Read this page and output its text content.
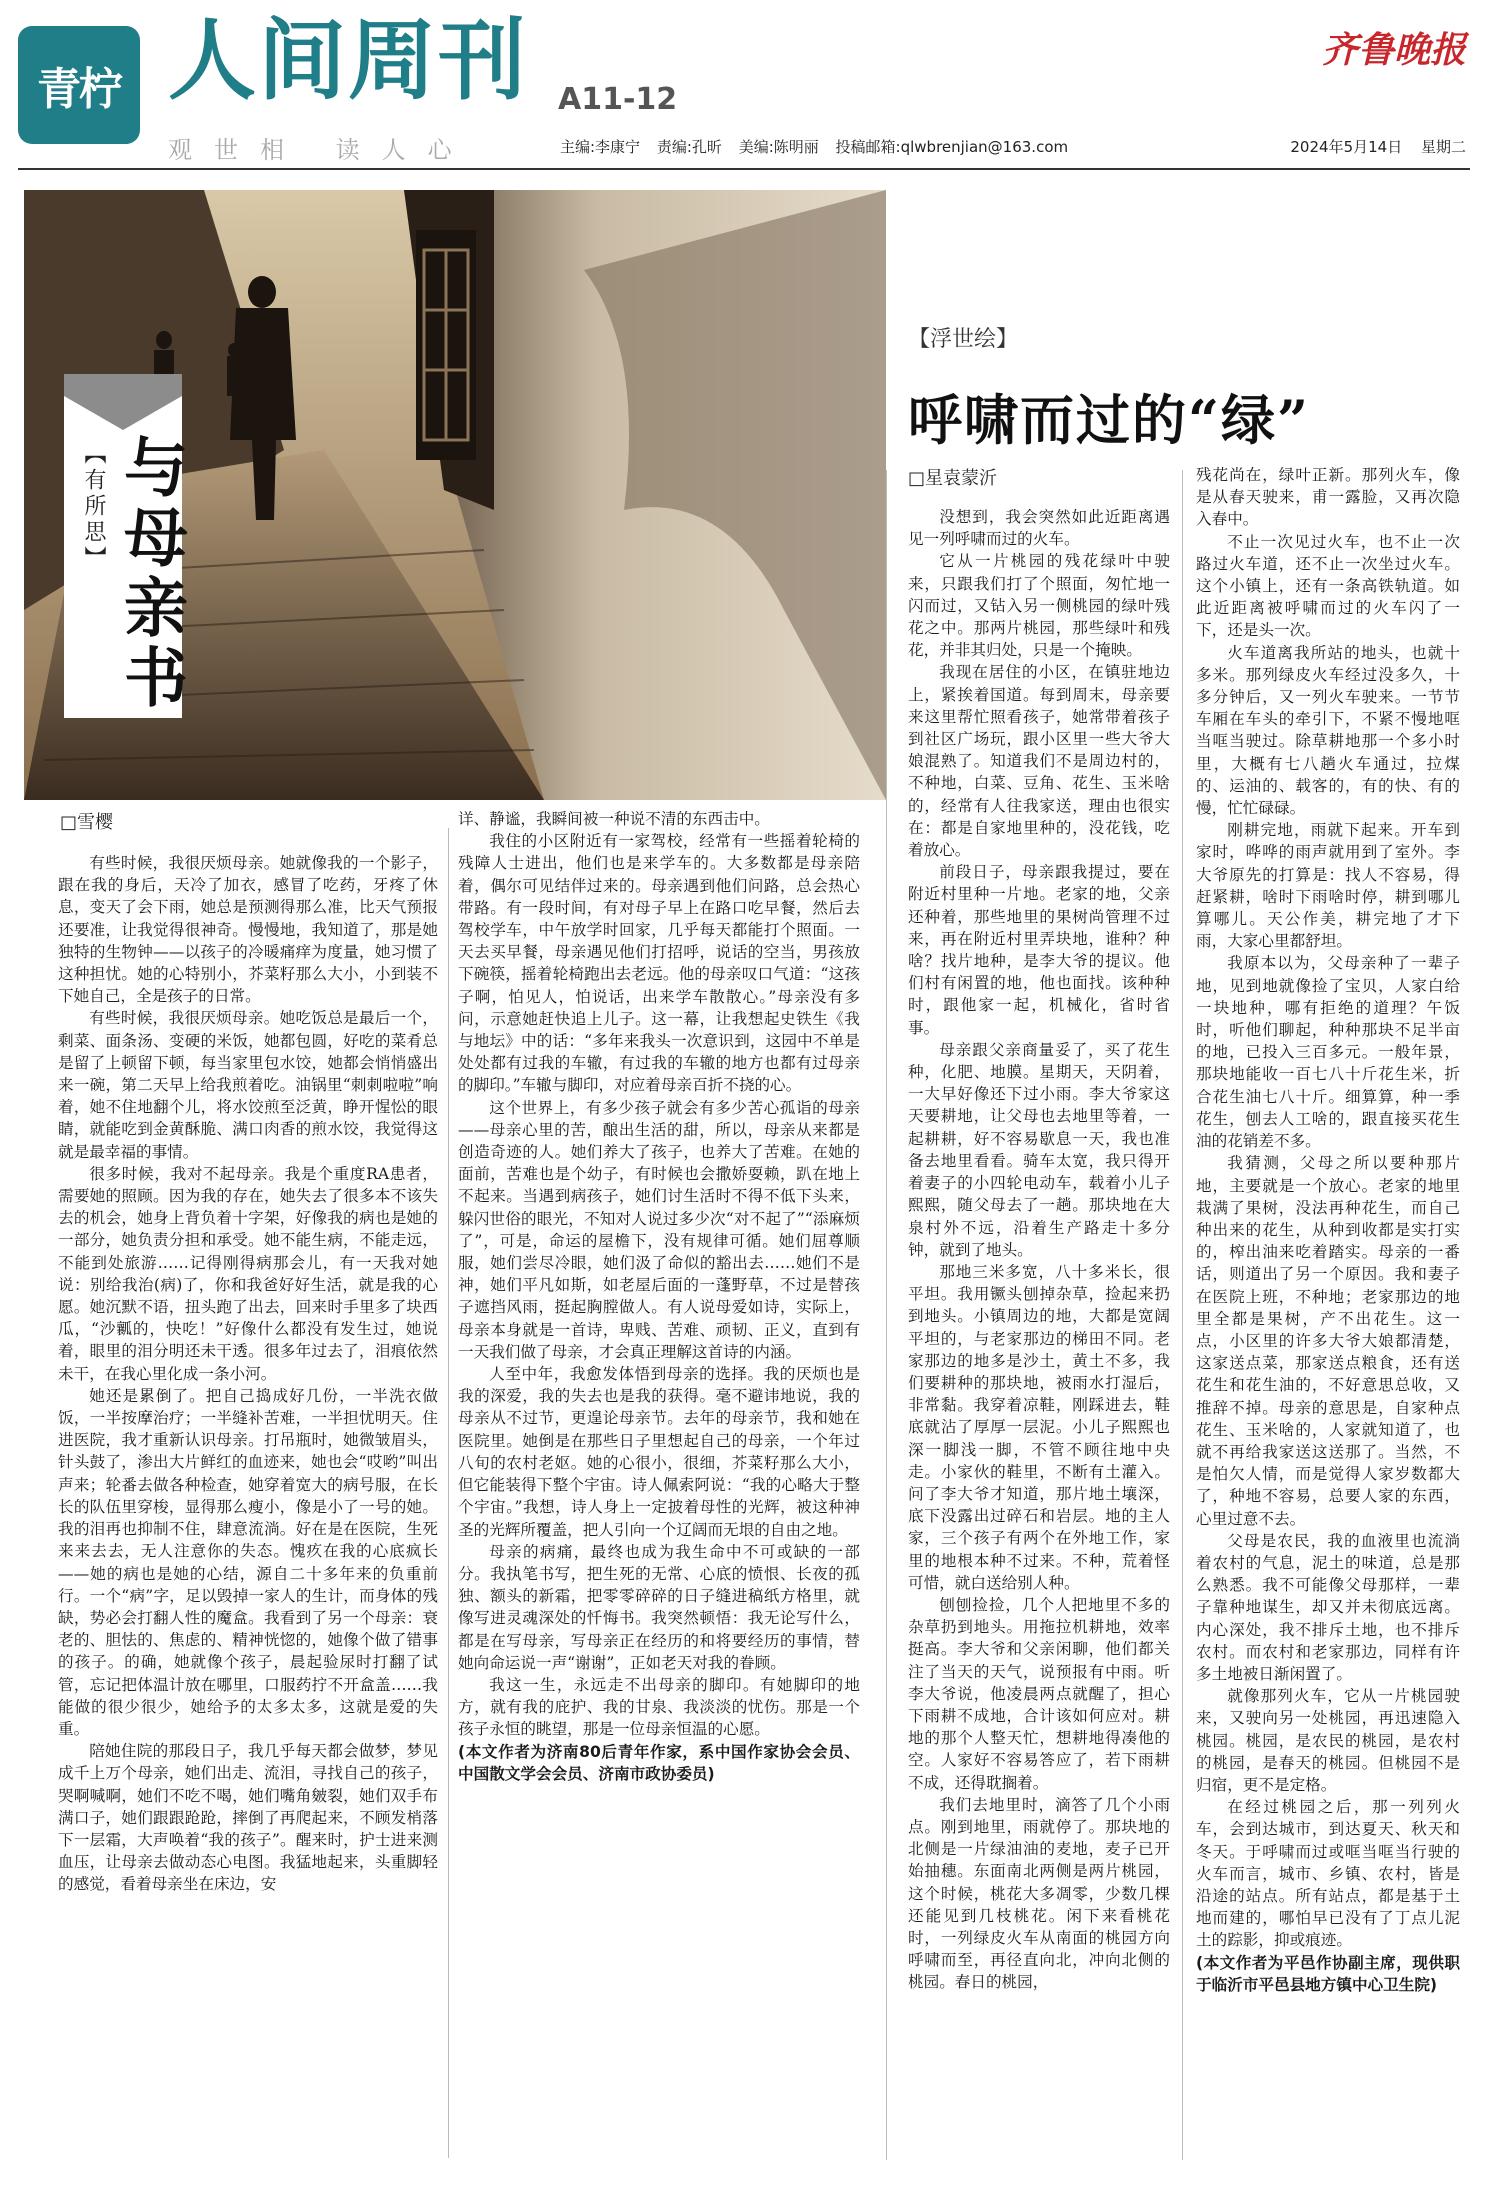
青柠 人间周刊 A11-12
齐鲁晚报
观世相 读人心	主编:李康宁 责编:孔昕 美编:陈明丽 投稿邮箱:qlwbrenjian@163.com	2024年5月14日 星期二
【有所思】 与母亲书
【浮世绘】
呼啸而过的“绿”
□雪樱
□星袁蒙沂

有些时候，我很厌烦母亲。她就像我的一个影子，跟在我的身后，天冷了加衣，感冒了吃药，牙疼了休息，变天了会下雨，她总是预测得那么准，比天气预报还要准，让我觉得很神奇。慢慢地，我知道了，那是她独特的生物钟——以孩子的冷暖痛痒为度量，她习惯了这种担忧。她的心特别小，芥菜籽那么大小，小到装不下她自己，全是孩子的日常。

有些时候，我很厌烦母亲。她吃饭总是最后一个，剩菜、面条汤、变硬的米饭，她都包圆，好吃的菜肴总是留了上顿留下顿，每当家里包水饺，她都会悄悄盛出来一碗，第二天早上给我煎着吃。油锅里“刺刺啦啦”响着，她不住地翻个儿，将水饺煎至泛黄，睁开惺忪的眼睛，就能吃到金黄酥脆、满口肉香的煎水饺，我觉得这就是最幸福的事情。

很多时候，我对不起母亲。我是个重度RA患者，需要她的照顾。因为我的存在，她失去了很多本不该失去的机会，她身上背负着十字架，好像我的病也是她的一部分，她负责分担和承受。她不能生病，不能走远，不能到处旅游……记得刚得病那会儿，有一天我对她说：别给我治(病)了，你和我爸好好生活，就是我的心愿。她沉默不语，扭头跑了出去，回来时手里多了块西瓜，“沙瓤的，快吃！”好像什么都没有发生过，她说着，眼里的泪分明还未干透。很多年过去了，泪痕依然未干，在我心里化成一条小河。

她还是累倒了。把自己捣成好几份，一半洗衣做饭，一半按摩治疗；一半缝补苦难，一半担忧明天。住进医院，我才重新认识母亲。打吊瓶时，她微皱眉头，针头鼓了，渗出大片鲜红的血迹来，她也会“哎哟”叫出声来；轮番去做各种检查，她穿着宽大的病号服，在长长的队伍里穿梭，显得那么瘦小，像是小了一号的她。我的泪再也抑制不住，肆意流淌。好在是在医院，生死来来去去，无人注意你的失态。愧疚在我的心底疯长——她的病也是她的心结，源自二十多年来的负重前行。一个“病”字，足以毁掉一家人的生计，而身体的残缺，势必会打翻人性的魔盒。我看到了另一个母亲：衰老的、胆怯的、焦虑的、精神恍惚的，她像个做了错事的孩子。的确，她就像个孩子，晨起验尿时打翻了试管，忘记把体温计放在哪里，口服药拧不开盒盖……我能做的很少很少，她给予的太多太多，这就是爱的失重。

陪她住院的那段日子，我几乎每天都会做梦，梦见成千上万个母亲，她们出走、流泪，寻找自己的孩子，哭啊喊啊，她们不吃不喝，她们嘴角皴裂，她们双手布满口子，她们跟跟跄跄，摔倒了再爬起来，不顾发梢落下一层霜，大声唤着“我的孩子”。醒来时，护士进来测血压，让母亲去做动态心电图。我猛地起来，头重脚轻的感觉，看着母亲坐在床边，安

详、静谧，我瞬间被一种说不清的东西击中。

我住的小区附近有一家驾校，经常有一些摇着轮椅的残障人士进出，他们也是来学车的。大多数都是母亲陪着，偶尔可见结伴过来的。母亲遇到他们问路，总会热心带路。有一段时间，有对母子早上在路口吃早餐，然后去驾校学车，中午放学时回家，几乎每天都能打个照面。一天去买早餐，母亲遇见他们打招呼，说话的空当，男孩放下碗筷，摇着轮椅跑出去老远。他的母亲叹口气道：“这孩子啊，怕见人，怕说话，出来学车散散心。”母亲没有多问，示意她赶快追上儿子。这一幕，让我想起史铁生《我与地坛》中的话：“多年来我头一次意识到，这园中不单是处处都有过我的车辙，有过我的车辙的地方也都有过母亲的脚印。”车辙与脚印，对应着母亲百折不挠的心。

这个世界上，有多少孩子就会有多少苦心孤诣的母亲——母亲心里的苦，酿出生活的甜，所以，母亲从来都是创造奇迹的人。她们养大了孩子，也养大了苦难。在她的面前，苦难也是个幼子，有时候也会撒娇耍赖，趴在地上不起来。当遇到病孩子，她们讨生活时不得不低下头来，躲闪世俗的眼光，不知对人说过多少次“对不起了”“添麻烦了”，可是，命运的屋檐下，没有规律可循。她们屈尊顺服，她们尝尽冷眼，她们汲了命似的豁出去……她们不是神，她们平凡如斯，如老屋后面的一蓬野草，不过是替孩子遮挡风雨，挺起胸膛做人。有人说母爱如诗，实际上，母亲本身就是一首诗，卑贱、苦难、顽韧、正义，直到有一天我们做了母亲，才会真正理解这首诗的内涵。

人至中年，我愈发体悟到母亲的选择。我的厌烦也是我的深爱，我的失去也是我的获得。毫不避讳地说，我的母亲从不过节，更遑论母亲节。去年的母亲节，我和她在医院里。她倒是在那些日子里想起自己的母亲，一个年过八旬的农村老妪。她的心很小，很细，芥菜籽那么大小，但它能装得下整个宇宙。诗人佩索阿说：“我的心略大于整个宇宙。”我想，诗人身上一定披着母性的光辉，被这种神圣的光辉所覆盖，把人引向一个辽阔而无垠的自由之地。

母亲的病痛，最终也成为我生命中不可或缺的一部分。我执笔书写，把生死的无常、心底的愤恨、长夜的孤独、额头的新霜，把零零碎碎的日子缝进稿纸方格里，就像写进灵魂深处的忏悔书。我突然顿悟：我无论写什么，都是在写母亲，写母亲正在经历的和将要经历的事情，替她向命运说一声“谢谢”，正如老天对我的眷顾。

我这一生，永远走不出母亲的脚印。有她脚印的地方，就有我的庇护、我的甘泉、我淡淡的忧伤。那是一个孩子永恒的眺望，那是一位母亲恒温的心愿。

(本文作者为济南80后青年作家，系中国作家协会会员、中国散文学会会员、济南市政协委员)

没想到，我会突然如此近距离遇见一列呼啸而过的火车。

它从一片桃园的残花绿叶中驶来，只跟我们打了个照面，匆忙地一闪而过，又钻入另一侧桃园的绿叶残花之中。那两片桃园，那些绿叶和残花，并非其归处，只是一个掩映。

我现在居住的小区，在镇驻地边上，紧挨着国道。每到周末，母亲要来这里帮忙照看孩子，她常带着孩子到社区广场玩，跟小区里一些大爷大娘混熟了。知道我们不是周边村的，不种地，白菜、豆角、花生、玉米啥的，经常有人往我家送，理由也很实在：都是自家地里种的，没花钱，吃着放心。

前段日子，母亲跟我提过，要在附近村里种一片地。老家的地，父亲还种着，那些地里的果树尚管理不过来，再在附近村里弄块地，谁种？种啥？找片地种，是李大爷的提议。他们村有闲置的地，他也面找。该种种时，跟他家一起，机械化，省时省事。

母亲跟父亲商量妥了，买了花生种，化肥、地膜。星期天，天阴着，一大早好像还下过小雨。李大爷家这天要耕地，让父母也去地里等着，一起耕耕，好不容易歇息一天，我也准备去地里看看。骑车太宽，我只得开着妻子的小四轮电动车，载着小儿子熙熙，随父母去了一趟。那块地在大泉村外不远，沿着生产路走十多分钟，就到了地头。

那地三米多宽，八十多米长，很平坦。我用镢头刨掉杂草，捡起来扔到地头。小镇周边的地，大都是宽阔平坦的，与老家那边的梯田不同。老家那边的地多是沙土，黄土不多，我们要耕种的那块地，被雨水打湿后，非常黏。我穿着凉鞋，刚踩进去，鞋底就沾了厚厚一层泥。小儿子熙熙也深一脚浅一脚，不管不顾往地中央走。小家伙的鞋里，不断有土灌入。问了李大爷才知道，那片地土壤深，底下没露出过碎石和岩层。地的主人家，三个孩子有两个在外地工作，家里的地根本种不过来。不种，荒着怪可惜，就白送给别人种。

刨刨捡捡，几个人把地里不多的杂草扔到地头。用拖拉机耕地，效率挺高。李大爷和父亲闲聊，他们都关注了当天的天气，说预报有中雨。听李大爷说，他凌晨两点就醒了，担心下雨耕不成地，合计该如何应对。耕地的那个人整天忙，想耕地得凑他的空。人家好不容易答应了，若下雨耕不成，还得耽搁着。

我们去地里时，滴答了几个小雨点。刚到地里，雨就停了。那块地的北侧是一片绿油油的麦地，麦子已开始抽穗。东面南北两侧是两片桃园，这个时候，桃花大多凋零，少数几棵还能见到几枝桃花。闲下来看桃花时，一列绿皮火车从南面的桃园方向呼啸而至，再径直向北，冲向北侧的桃园。春日的桃园，

残花尚在，绿叶正新。那列火车，像是从春天驶来，甫一露脸，又再次隐入春中。

不止一次见过火车，也不止一次路过火车道，还不止一次坐过火车。这个小镇上，还有一条高铁轨道。如此近距离被呼啸而过的火车闪了一下，还是头一次。

火车道离我所站的地头，也就十多米。那列绿皮火车经过没多久，十多分钟后，又一列火车驶来。一节节车厢在车头的牵引下，不紧不慢地哐当哐当驶过。除草耕地那一个多小时里，大概有七八趟火车通过，拉煤的、运油的、载客的，有的快、有的慢，忙忙碌碌。

刚耕完地，雨就下起来。开车到家时，哗哗的雨声就用到了室外。李大爷原先的打算是：找人不容易，得赶紧耕，啥时下雨啥时停，耕到哪儿算哪儿。天公作美，耕完地了才下雨，大家心里都舒坦。

我原本以为，父母亲种了一辈子地，见到地就像捡了宝贝，人家白给一块地种，哪有拒绝的道理？午饭时，听他们聊起，种种那块不足半亩的地，已投入三百多元。一般年景，那块地能收一百七八十斤花生米，折合花生油七八十斤。细算算，种一季花生，刨去人工啥的，跟直接买花生油的花销差不多。

我猜测，父母之所以要种那片地，主要就是一个放心。老家的地里栽满了果树，没法再种花生，而自己种出来的花生，从种到收都是实打实的，榨出油来吃着踏实。母亲的一番话，则道出了另一个原因。我和妻子在医院上班，不种地；老家那边的地里全都是果树，产不出花生。这一点，小区里的许多大爷大娘都清楚，这家送点菜，那家送点粮食，还有送花生和花生油的，不好意思总收，又推辞不掉。母亲的意思是，自家种点花生、玉米啥的，人家就知道了，也就不再给我家送这送那了。当然，不是怕欠人情，而是觉得人家岁数都大了，种地不容易，总要人家的东西，心里过意不去。

父母是农民，我的血液里也流淌着农村的气息，泥土的味道，总是那么熟悉。我不可能像父母那样，一辈子靠种地谋生，却又并未彻底远离。内心深处，我不排斥土地，也不排斥农村。而农村和老家那边，同样有许多土地被日渐闲置了。

就像那列火车，它从一片桃园驶来，又驶向另一处桃园，再迅速隐入桃园。桃园，是农民的桃园，是农村的桃园，是春天的桃园。但桃园不是归宿，更不是定格。

在经过桃园之后，那一列列火车，会到达城市，到达夏天、秋天和冬天。于呼啸而过或哐当哐当行驶的火车而言，城市、乡镇、农村，皆是沿途的站点。所有站点，都是基于土地而建的，哪怕早已没有了丁点儿泥土的踪影，抑或痕迹。

(本文作者为平邑作协副主席，现供职于临沂市平邑县地方镇中心卫生院)
